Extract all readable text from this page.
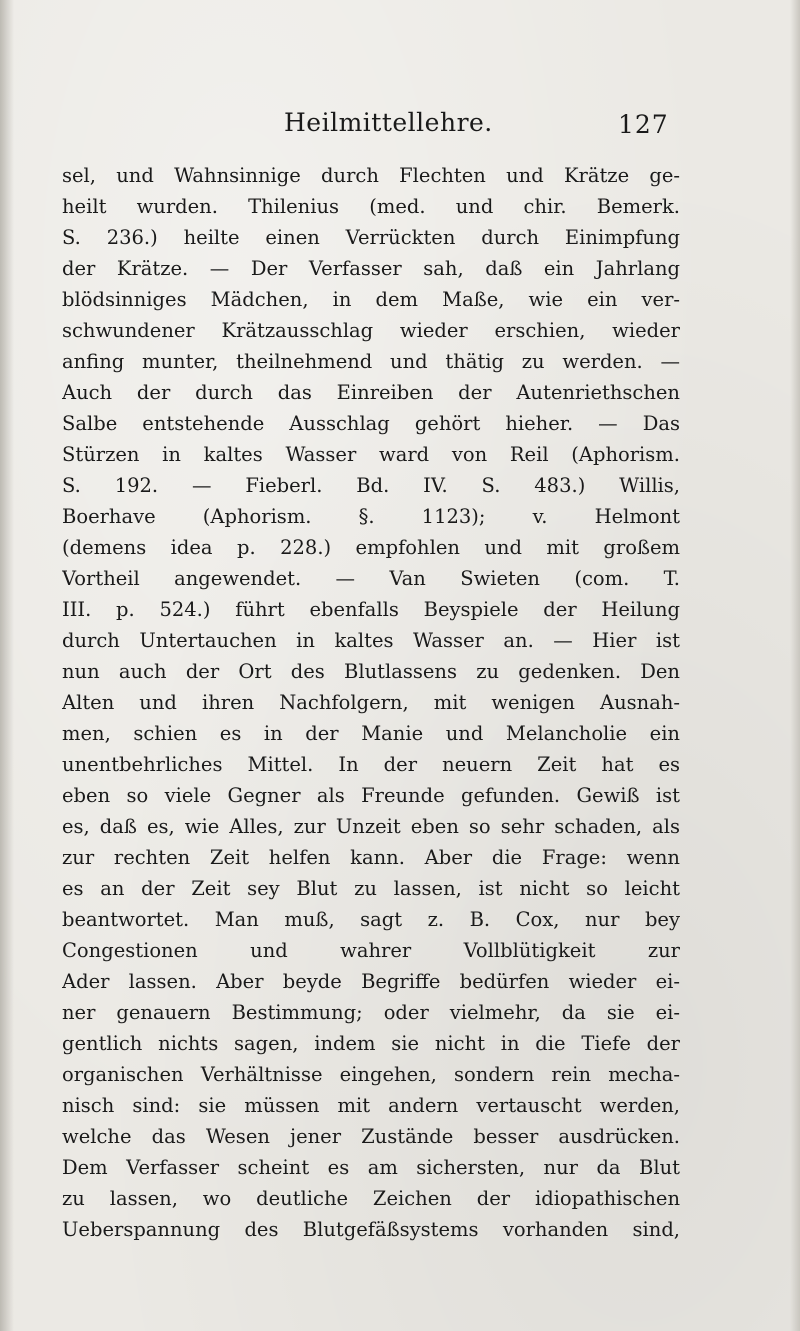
Heilmittellehre.	127
sel, und Wahnsinnige durch Flechten und Krätze ge-
heilt wurden. Thilenius (med. und chir. Bemerk.
S. 236.) heilte einen Verrückten durch Einimpfung
der Krätze. — Der Verfasser sah, daß ein Jahrlang
blödsinniges Mädchen, in dem Maße, wie ein ver-
schwundener Krätzausschlag wieder erschien, wieder
anfing munter, theilnehmend und thätig zu werden. —
Auch der durch das Einreiben der Autenriethschen
Salbe entstehende Ausschlag gehört hieher. — Das
Stürzen in kaltes Wasser ward von Reil (Aphorism.
S. 192. — Fieberl. Bd. IV. S. 483.) Willis,
Boerhave (Aphorism. §. 1123); v. Helmont
(demens idea p. 228.) empfohlen und mit großem
Vortheil angewendet. — Van Swieten (com. T.
III. p. 524.) führt ebenfalls Beyspiele der Heilung
durch Untertauchen in kaltes Wasser an. — Hier ist
nun auch der Ort des Blutlassens zu gedenken. Den
Alten und ihren Nachfolgern, mit wenigen Ausnah-
men, schien es in der Manie und Melancholie ein
unentbehrliches Mittel. In der neuern Zeit hat es
eben so viele Gegner als Freunde gefunden. Gewiß ist
es, daß es, wie Alles, zur Unzeit eben so sehr schaden, als
zur rechten Zeit helfen kann. Aber die Frage: wenn
es an der Zeit sey Blut zu lassen, ist nicht so leicht
beantwortet. Man muß, sagt z. B. Cox, nur bey
Congestionen und wahrer Vollblütigkeit zur
Ader lassen. Aber beyde Begriffe bedürfen wieder ei-
ner genauern Bestimmung; oder vielmehr, da sie ei-
gentlich nichts sagen, indem sie nicht in die Tiefe der
organischen Verhältnisse eingehen, sondern rein mecha-
nisch sind: sie müssen mit andern vertauscht werden,
welche das Wesen jener Zustände besser ausdrücken.
Dem Verfasser scheint es am sichersten, nur da Blut
zu lassen, wo deutliche Zeichen der idiopathischen
Ueberspannung des Blutgefäßsystems vorhanden sind,
